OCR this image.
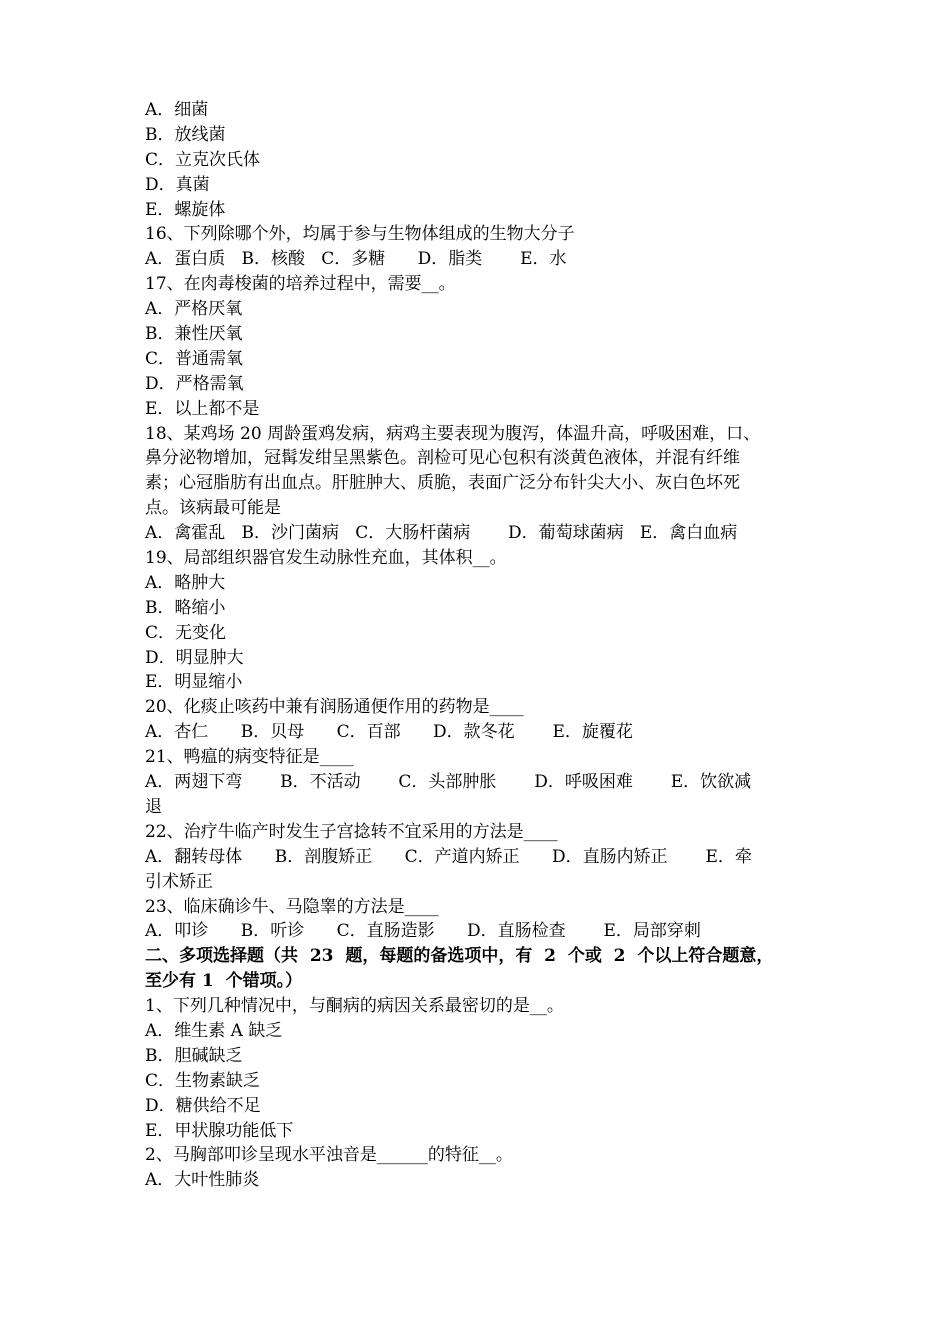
A．细菌
B．放线菌
C．立克次氏体
D．真菌
E．螺旋体
16、下列除哪个外，均属于参与生物体组成的生物大分子
A．蛋白质   B．核酸   C．多糖      D．脂类       E．水
17、在肉毒梭菌的培养过程中，需要__。
A．严格厌氧
B．兼性厌氧
C．普通需氧
D．严格需氧
E．以上都不是
18、某鸡场 20 周龄蛋鸡发病，病鸡主要表现为腹泻，体温升高，呼吸困难，口、
鼻分泌物增加，冠髯发绀呈黑紫色。剖检可见心包积有淡黄色液体，并混有纤维
素；心冠脂肪有出血点。肝脏肿大、质脆，表面广泛分布针尖大小、灰白色坏死
点。该病最可能是
A．禽霍乱   B．沙门菌病   C．大肠杆菌病       D．葡萄球菌病   E．禽白血病
19、局部组织器官发生动脉性充血，其体积__。
A．略肿大
B．略缩小
C．无变化
D．明显肿大
E．明显缩小
20、化痰止咳药中兼有润肠通便作用的药物是____
A．杏仁      B．贝母      C．百部      D．款冬花       E．旋覆花
21、鸭瘟的病变特征是____
A．两翅下弯       B．不活动       C．头部肿胀       D．呼吸困难       E．饮欲减
退
22、治疗牛临产时发生子宫捻转不宜采用的方法是____
A．翻转母体      B．剖腹矫正      C．产道内矫正      D．直肠内矫正       E．牵
引术矫正
23、临床确诊牛、马隐睾的方法是____
A．叩诊      B．听诊      C．直肠造影      D．直肠检查       E．局部穿刺
二、多项选择题（共  23  题，每题的备选项中，有  2  个或  2  个以上符合题意，
至少有 1  个错项。）
1、下列几种情况中，与酮病的病因关系最密切的是__。
A．维生素 A 缺乏
B．胆碱缺乏
C．生物素缺乏
D．糖供给不足
E．甲状腺功能低下
2、马胸部叩诊呈现水平浊音是______的特征__。
A．大叶性肺炎
